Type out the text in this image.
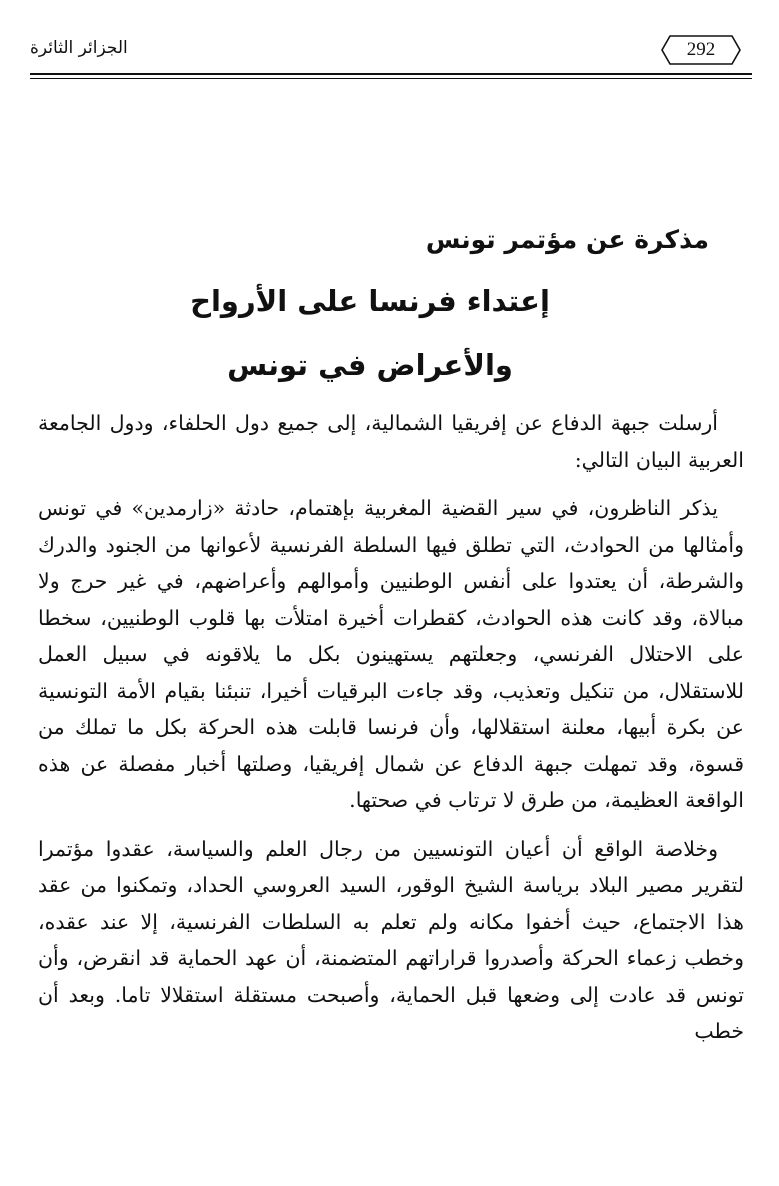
292
الجزائر الثائرة
مذكرة عن مؤتمر تونس
إعتداء فرنسا على الأرواح
والأعراض في تونس

أرسلت جبهة الدفاع عن إفريقيا الشمالية، إلى جميع دول الحلفاء، ودول الجامعة العربية البيان التالي:

يذكر الناظرون، في سير القضية المغربية بإهتمام، حادثة «زارمدين» في تونس وأمثالها من الحوادث، التي تطلق فيها السلطة الفرنسية لأعوانها من الجنود والدرك والشرطة، أن يعتدوا على أنفس الوطنيين وأموالهم وأعراضهم، في غير حرج ولا مبالاة، وقد كانت هذه الحوادث، كقطرات أخيرة امتلأت بها قلوب الوطنيين، سخطا على الاحتلال الفرنسي، وجعلتهم يستهينون بكل ما يلاقونه في سبيل العمل للاستقلال، من تنكيل وتعذيب، وقد جاءت البرقيات أخيرا، تنبئنا بقيام الأمة التونسية عن بكرة أبيها، معلنة استقلالها، وأن فرنسا قابلت هذه الحركة بكل ما تملك من قسوة، وقد تمهلت جبهة الدفاع عن شمال إفريقيا، وصلتها أخبار مفصلة عن هذه الواقعة العظيمة، من طرق لا ترتاب في صحتها.

وخلاصة الواقع أن أعيان التونسيين من رجال العلم والسياسة، عقدوا مؤتمرا لتقرير مصير البلاد برياسة الشيخ الوقور، السيد العروسي الحداد، وتمكنوا من عقد هذا الاجتماع، حيث أخفوا مكانه ولم تعلم به السلطات الفرنسية، إلا عند عقده، وخطب زعماء الحركة وأصدروا قراراتهم المتضمنة، أن عهد الحماية قد انقرض، وأن تونس قد عادت إلى وضعها قبل الحماية، وأصبحت مستقلة استقلالا تاما. وبعد أن خطب
